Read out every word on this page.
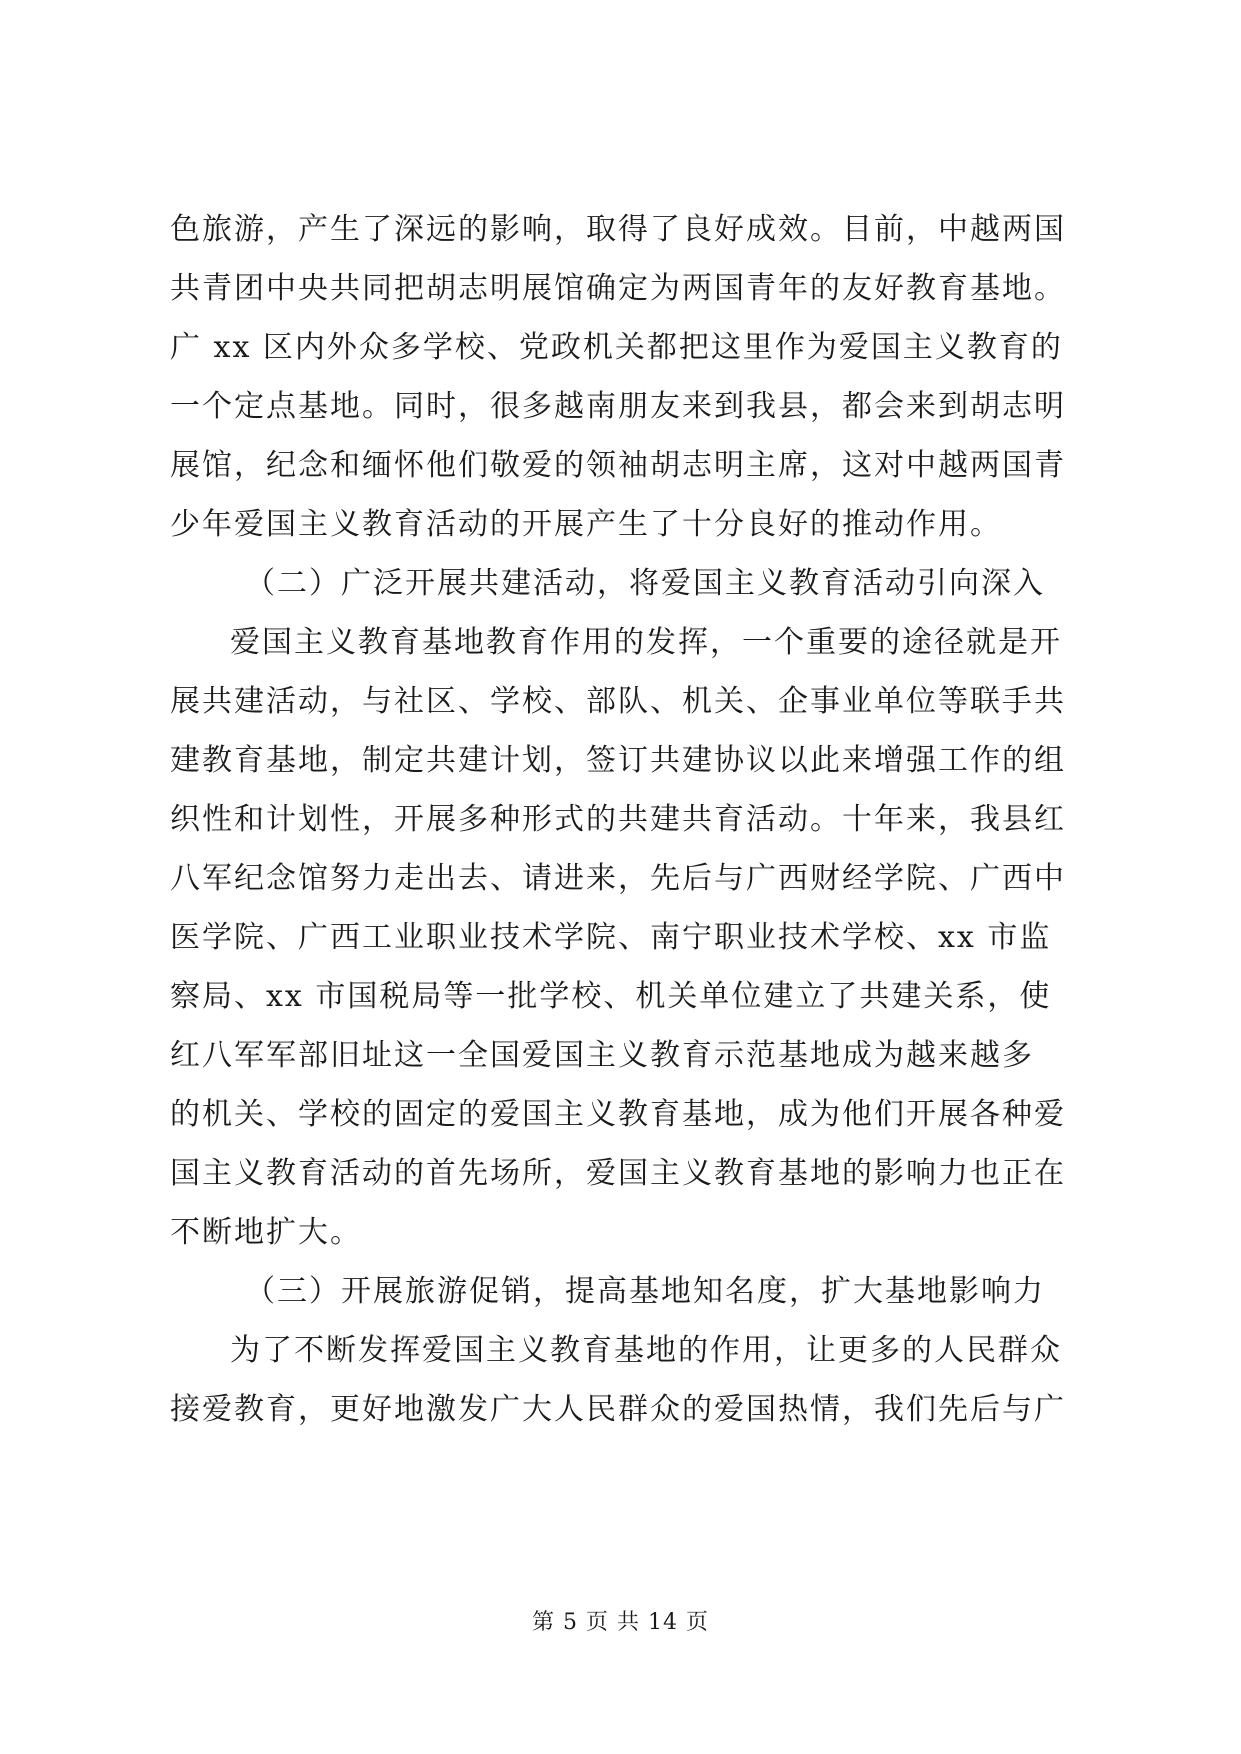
色旅游，产生了深远的影响，取得了良好成效。目前，中越两国
共青团中央共同把胡志明展馆确定为两国青年的友好教育基地。
广 xx 区内外众多学校、党政机关都把这里作为爱国主义教育的
一个定点基地。同时，很多越南朋友来到我县，都会来到胡志明
展馆，纪念和缅怀他们敬爱的领袖胡志明主席，这对中越两国青
少年爱国主义教育活动的开展产生了十分良好的推动作用。
（二）广泛开展共建活动，将爱国主义教育活动引向深入
爱国主义教育基地教育作用的发挥，一个重要的途径就是开
展共建活动，与社区、学校、部队、机关、企事业单位等联手共
建教育基地，制定共建计划，签订共建协议以此来增强工作的组
织性和计划性，开展多种形式的共建共育活动。十年来，我县红
八军纪念馆努力走出去、请进来，先后与广西财经学院、广西中
医学院、广西工业职业技术学院、南宁职业技术学校、xx 市监
察局、xx 市国税局等一批学校、机关单位建立了共建关系，使
红八军军部旧址这一全国爱国主义教育示范基地成为越来越多
的机关、学校的固定的爱国主义教育基地，成为他们开展各种爱
国主义教育活动的首先场所，爱国主义教育基地的影响力也正在
不断地扩大。
（三）开展旅游促销，提高基地知名度，扩大基地影响力
为了不断发挥爱国主义教育基地的作用，让更多的人民群众
接爱教育，更好地激发广大人民群众的爱国热情，我们先后与广
第 5 页 共 14 页
